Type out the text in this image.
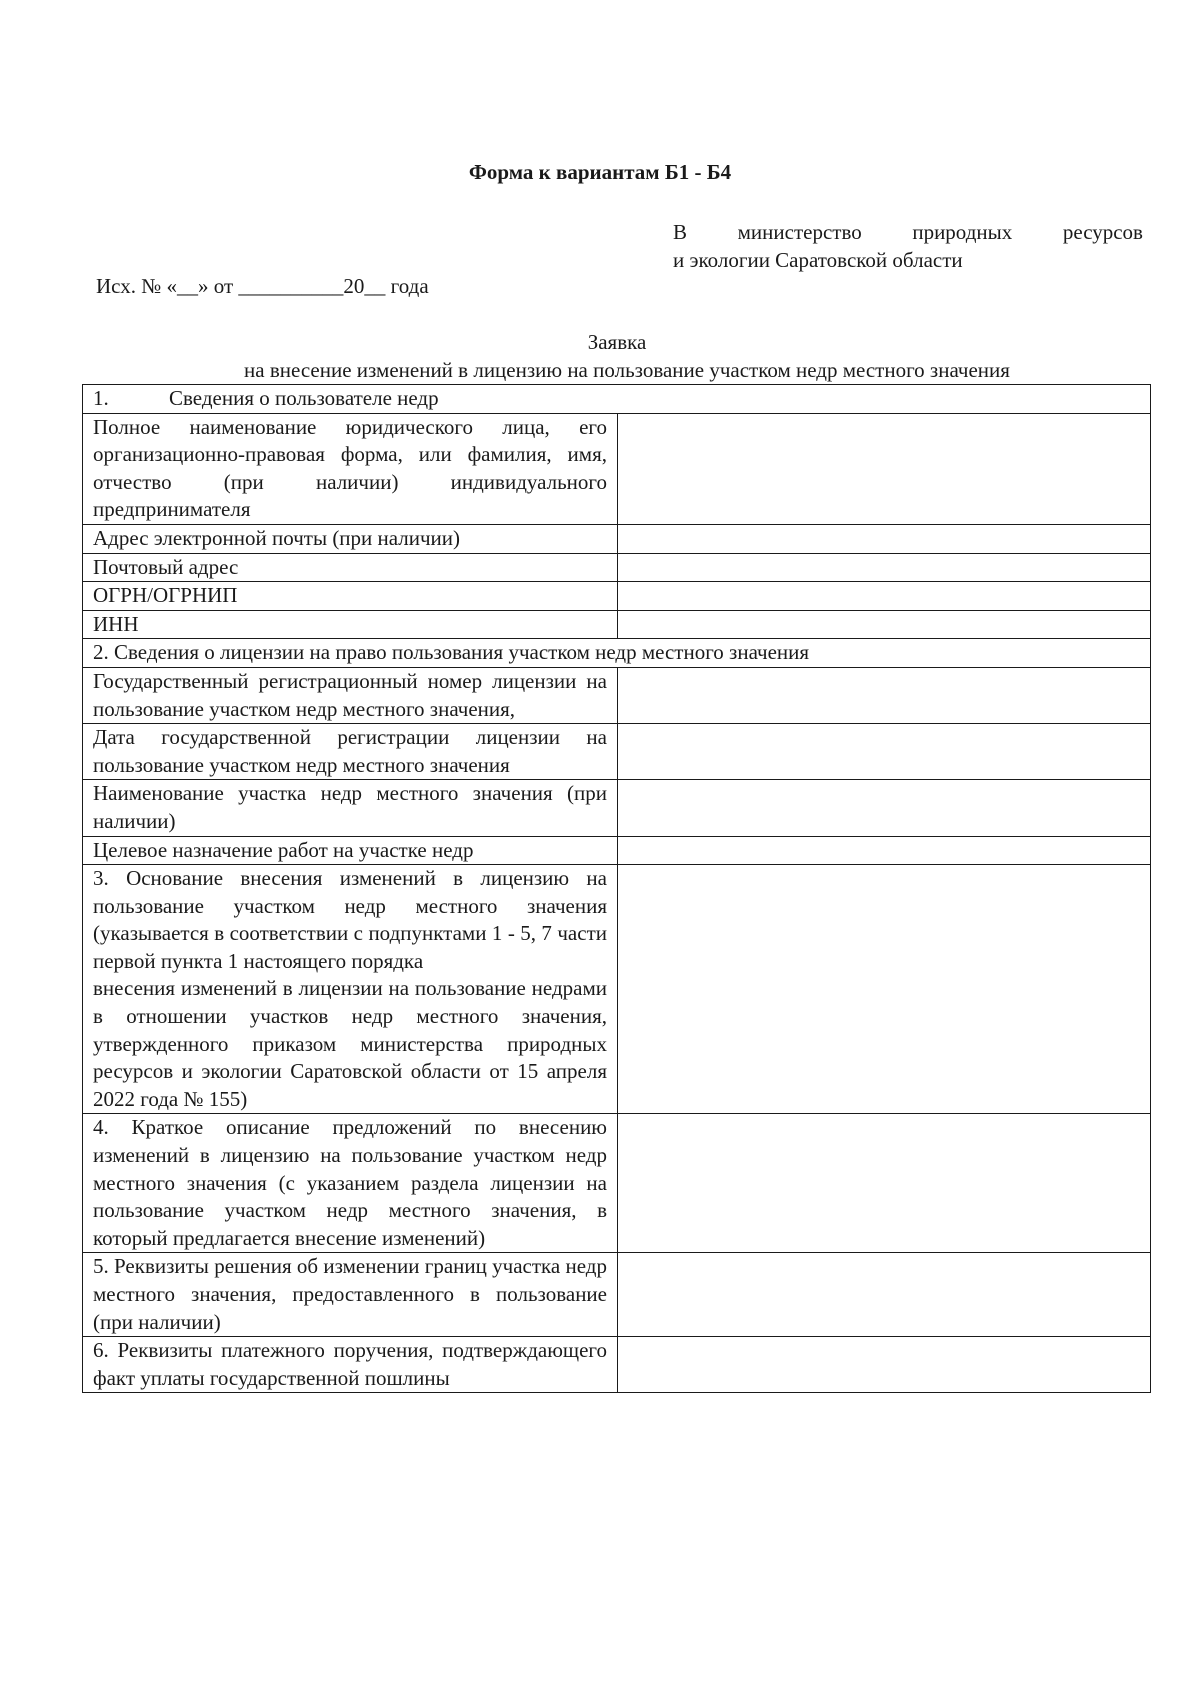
Форма к вариантам Б1 - Б4
В министерство природных ресурсов
и экологии Саратовской области
Исх. № «__» от __________20__ года
Заявка
на внесение изменений в лицензию на пользование участком недр местного значения
1. Сведения о пользователе недр	

Полное наименование юридического лица, его организационно-правовая форма, или фамилия, имя, отчество (при наличии) индивидуального предпринимателя	
Адрес электронной почты (при наличии)	
Почтовый адрес	
ОГРН/ОГРНИП	
ИНН	
2. Сведения о лицензии на право пользования участком недр местного значения	
Государственный регистрационный номер лицензии на пользование участком недр местного значения,	
Дата государственной регистрации лицензии на пользование участком недр местного значения	
Наименование участка недр местного значения (при наличии)	
Целевое назначение работ на участке недр	

3. Основание внесения изменений в лицензию на пользование участком недр местного значения (указывается в соответствии с подпунктами 1 - 5, 7 части первой пункта 1 настоящего порядка
внесения изменений в лицензии на пользование недрами в отношении участков недр местного значения, утвержденного приказом министерства природных ресурсов и экологии Саратовской области от 15 апреля 2022 года № 155)	

4. Краткое описание предложений по внесению изменений в лицензию на пользование участком недр местного значения (с указанием раздела лицензии на пользование участком недр местного значения, в который предлагается внесение изменений)	
5. Реквизиты решения об изменении границ участка недр местного значения, предоставленного в пользование (при наличии)	
6. Реквизиты платежного поручения, подтверждающего факт уплаты государственной пошлины	
